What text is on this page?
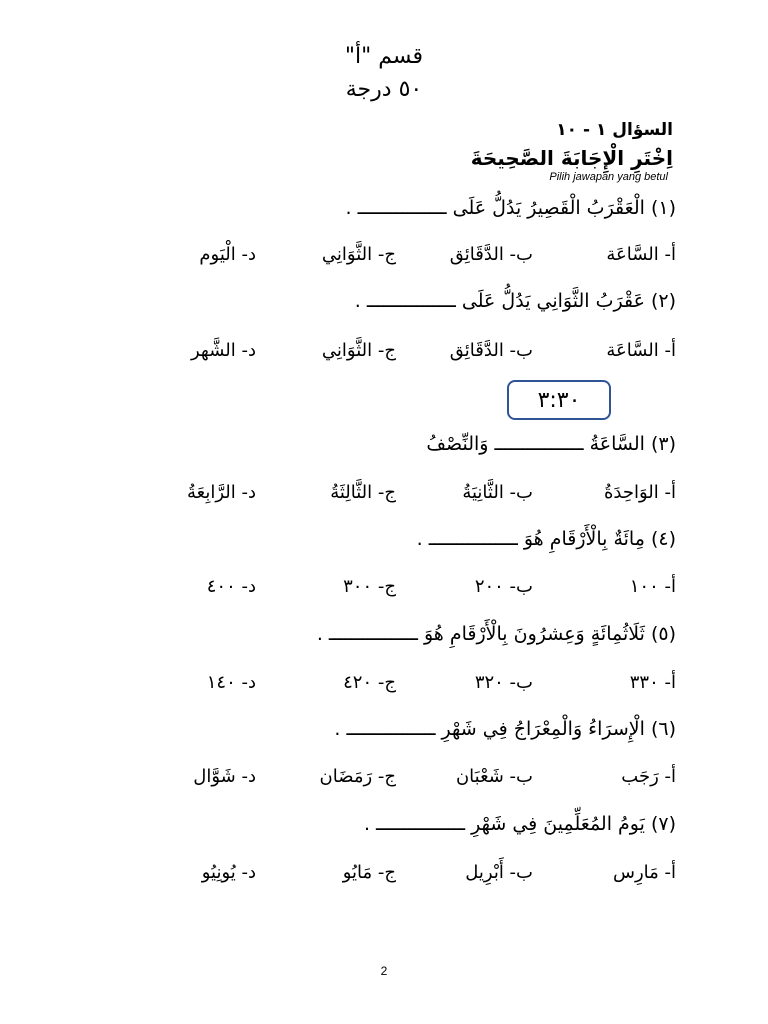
قسم "أ"
٥٠ درجة
السؤال ١ - ١٠
اِخْتَرِ الْإِجَابَةَ الصَّحِيحَةَ
Pilih jawapan yang betul
(١) الْعَقْرَبُ الْقَصِيرُ يَدُلُّ عَلَى ــــــــــــــــ .
أ- السَّاعَة
ب- الدَّقَائِق
ج- الثَّوَانِي
د- الْيَوم
(٢) عَقْرَبُ الثَّوَانِي يَدُلُّ عَلَى ــــــــــــــــ .
أ- السَّاعَة
ب- الدَّقَائِق
ج- الثَّوَانِي
د- الشَّهر
٣:٣٠
(٣) السَّاعَةُ ــــــــــــــــ وَالنِّصْفُ
أ- الوَاحِدَةُ
ب- الثَّانِيَةُ
ج- الثَّالِثَةُ
د- الرَّابِعَةُ
(٤) مِائَةٌ بِالْأَرْقَامِ هُوَ ــــــــــــــــ .
أ- ١٠٠
ب- ٢٠٠
ج- ٣٠٠
د- ٤٠٠
(٥) ثَلَاثُمِائَةٍ وَعِشرُونَ بِالْأَرْقَامِ هُوَ ــــــــــــــــ .
أ- ٣٣٠
ب- ٣٢٠
ج- ٤٢٠
د- ١٤٠
(٦) الْإِسرَاءُ وَالْمِعْرَاجُ فِي شَهْرِ ــــــــــــــــ .
أ- رَجَب
ب- شَعْبَان
ج- رَمَضَان
د- شَوَّال
(٧) يَومُ المُعَلِّمِينَ فِي شَهْرِ ــــــــــــــــ .
أ- مَارِس
ب- أَبْرِيل
ج- مَايُو
د- يُونِيُو
2
